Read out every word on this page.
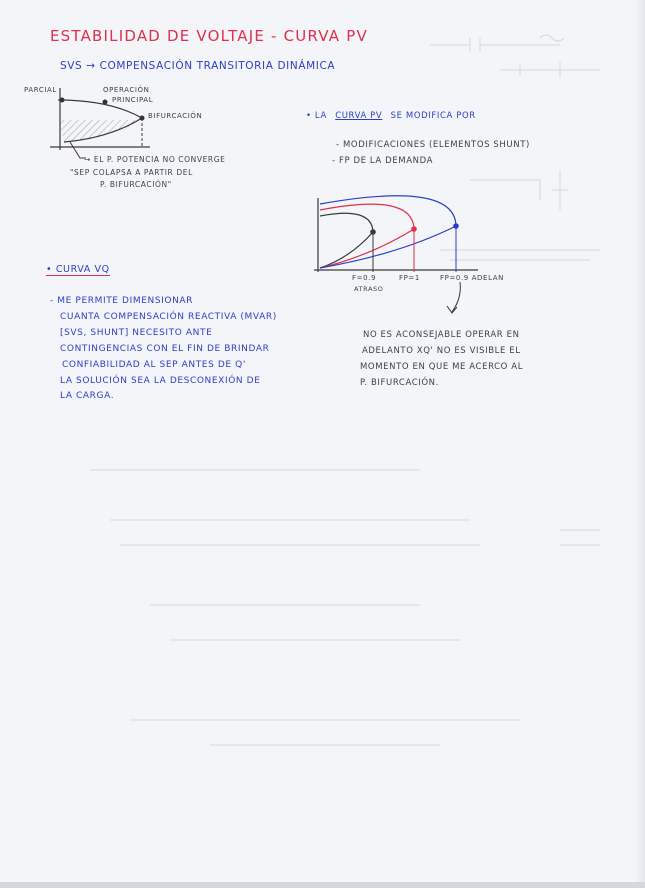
ESTABILIDAD DE VOLTAJE - CURVA PV
SVS → COMPENSACIÓN TRANSITORIA DINÁMICA
PARCIAL	OPERACIÓN
PRINCIPAL
BIFURCACIÓN
→ EL P. POTENCIA NO CONVERGE
"SEP COLAPSA A PARTIR DEL
P. BIFURCACIÓN"
• LA CURVA PV SE MODIFICA POR
- MODIFICACIONES (ELEMENTOS SHUNT)
- FP DE LA DEMANDA
F=0.9
ATRASO
FP=1	FP=0.9 ADELAN
NO ES ACONSEJABLE OPERAR EN
ADELANTO XQ' NO ES VISIBLE EL
MOMENTO EN QUE ME ACERCO AL
P. BIFURCACIÓN.
• CURVA VQ
- ME PERMITE DIMENSIONAR
CUANTA COMPENSACIÓN REACTIVA (MVAR)
[SVS, SHUNT] NECESITO ANTE
CONTINGENCIAS CON EL FIN DE BRINDAR
CONFIABILIDAD AL SEP ANTES DE Q'
LA SOLUCIÓN SEA LA DESCONEXIÓN DE
LA CARGA.
